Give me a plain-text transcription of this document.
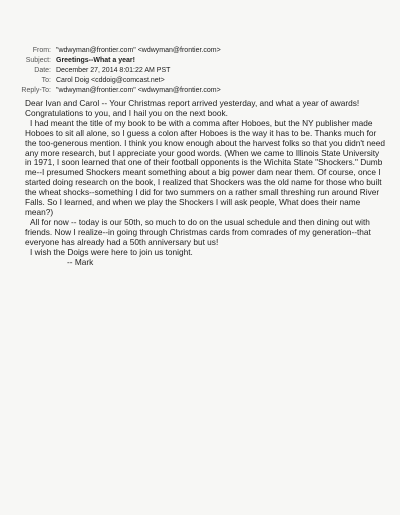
From: "wdwyman@frontier.com" <wdwyman@frontier.com>
Subject: Greetings--What a year!
Date: December 27, 2014 8:01:22 AM PST
To: Carol Doig <cddoig@comcast.net>
Reply-To: "wdwyman@frontier.com" <wdwyman@frontier.com>

Dear Ivan and Carol -- Your Christmas report arrived yesterday, and what a year of awards! Congratulations to you, and I hail you on the next book.

I had meant the title of my book to be with a comma after Hoboes, but the NY publisher made Hoboes to sit all alone, so I guess a colon after Hoboes is the way it has to be. Thanks much for the too-generous mention. I think you know enough about the harvest folks so that you didn't need any more research, but I appreciate your good words. (When we came to Illinois State University in 1971, I soon learned that one of their football opponents is the Wichita State "Shockers." Dumb me--I presumed Shockers meant something about a big power dam near them. Of course, once I started doing research on the book, I realized that Shockers was the old name for those who built the wheat shocks--something I did for two summers on a rather small threshing run around River Falls. So I learned, and when we play the Shockers I will ask people, What does their name mean?)

All for now -- today is our 50th, so much to do on the usual schedule and then dining out with friends. Now I realize--in going through Christmas cards from comrades of my generation--that everyone has already had a 50th anniversary but us!

I wish the Doigs were here to join us tonight.

-- Mark
